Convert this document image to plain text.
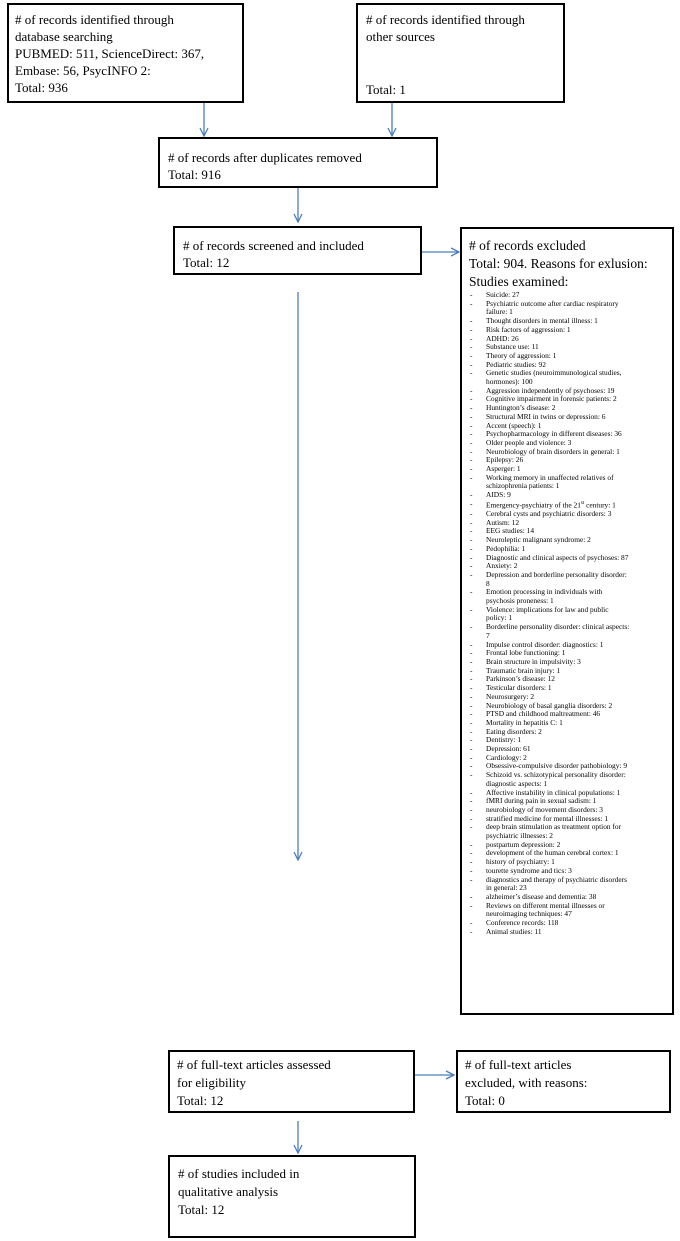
# of records identified through
database searching
PUBMED: 511, ScienceDirect: 367,
Embase: 56, PsycINFO 2:
Total: 936

# of records identified through
other sources

Total: 1

# of records after duplicates removed
Total: 916

# of records screened and included
Total: 12

# of records excluded
Total: 904. Reasons for exlusion:
Studies examined:

- Suicide: 27
- Psychiatric outcome after cardiac respiratory
failure: 1
- Thought disorders in mental illness: 1
- Risk factors of aggression: 1
- ADHD: 26
- Substance use: 11
- Theory of aggression: 1
- Pediatric studies: 92
- Genetic studies (neuroimmunological studies,
hormones): 100
- Aggression independently of psychoses: 19
- Cognitive impairment in forensic patients: 2
- Huntington’s disease: 2
- Structural MRI in twins or depression: 6
- Accent (speech): 1
- Psychopharmacology in different diseases: 36
- Older people and violence: 3
- Neurobiology of brain disorders in general: 1
- Epilepsy: 26
- Asperger: 1
- Working memory in unaffected relatives of
schizophrenia patients: 1
- AIDS: 9
- Emergency-psychiatry of the 21st century: 1
- Cerebral cysts and psychiatric disorders: 3
- Autism: 12
- EEG studies: 14
- Neuroleptic malignant syndrome: 2
- Pedophilia: 1
- Diagnostic and clinical aspects of psychoses: 87
- Anxiety: 2
- Depression and borderline personality disorder:
8
- Emotion processing in individuals with
psychosis proneness: 1
- Violence: implications for law and public
policy: 1
- Borderline personality disorder: clinical aspects:
7
- Impulse control disorder: diagnostics: 1
- Frontal lobe functioning: 1
- Brain structure in impulsivity: 3
- Traumatic brain injury: 1
- Parkinson’s disease: 12
- Testicular disorders: 1
- Neurosurgery: 2
- Neurobiology of basal ganglia disorders: 2
- PTSD and childhood maltreatment: 46
- Mortality in hepatitis C: 1
- Eating disorders: 2
- Dentistry: 1
- Depression: 61
- Cardiology: 2
- Obsessive-compulsive disorder pathobiology: 9
- Schizoid vs. schizotypical personality disorder:
diagnostic aspects: 1
- Affective instability in clinical populations: 1
- fMRI during pain in sexual sadism: 1
- neurobiology of movement disorders: 3
- stratified medicine for mental illnesses: 1
- deep brain stimulation as treatment option for
psychiatric illnesses: 2
- postpartum depression: 2
- development of the human cerebral cortex: 1
- history of psychiatry: 1
- tourette syndrome and tics: 3
- diagnostics and therapy of psychiatric disorders
in general: 23
- alzheimer’s disease and dementia: 38
- Reviews on different mental illnesses or
neuroimaging techniques: 47
- Conference records: 118
- Animal studies: 11

# of full-text articles assessed
for eligibility
Total: 12

# of full-text articles
excluded, with reasons:
Total: 0

# of studies included in
qualitative analysis
Total: 12
